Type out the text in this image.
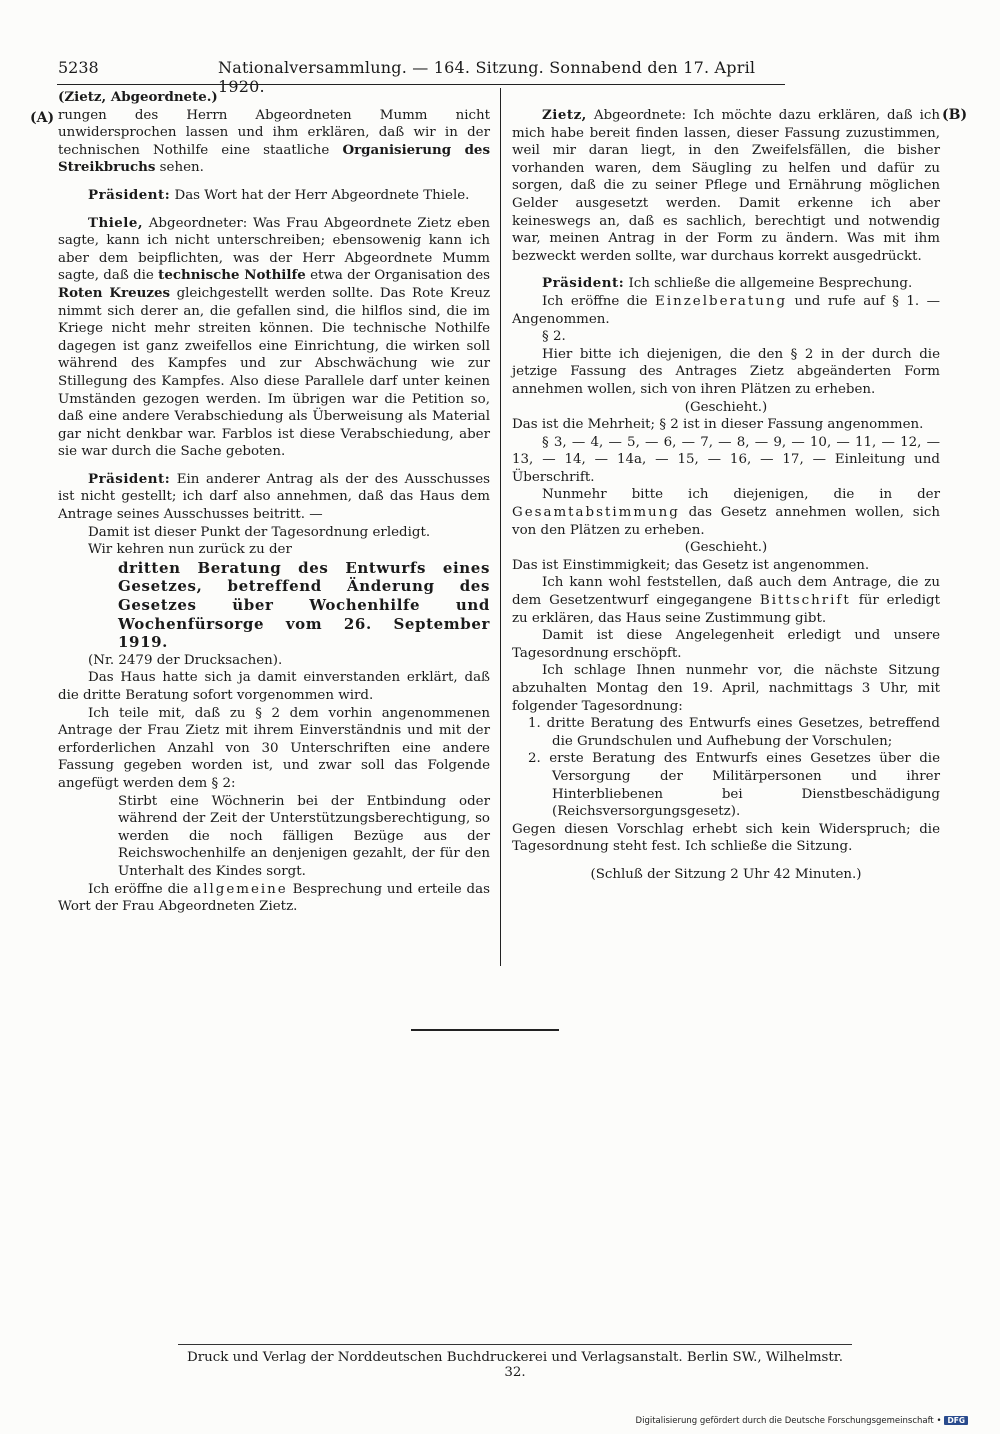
5238	Nationalversammlung. — 164. Sitzung. Sonnabend den 17. April 1920.
(A)	(B)

(Zietz, Abgeordnete.)

rungen des Herrn Abgeordneten Mumm nicht unwidersprochen lassen und ihm erklären, daß wir in der technischen Nothilfe eine staatliche Organisierung des Streikbruchs sehen.

Präsident: Das Wort hat der Herr Abgeordnete Thiele.

Thiele, Abgeordneter: Was Frau Abgeordnete Zietz eben sagte, kann ich nicht unterschreiben; ebensowenig kann ich aber dem beipflichten, was der Herr Abgeordnete Mumm sagte, daß die technische Nothilfe etwa der Organisation des Roten Kreuzes gleichgestellt werden sollte. Das Rote Kreuz nimmt sich derer an, die gefallen sind, die hilflos sind, die im Kriege nicht mehr streiten können. Die technische Nothilfe dagegen ist ganz zweifellos eine Einrichtung, die wirken soll während des Kampfes und zur Abschwächung wie zur Stillegung des Kampfes. Also diese Parallele darf unter keinen Umständen gezogen werden. Im übrigen war die Petition so, daß eine andere Verabschiedung als Überweisung als Material gar nicht denkbar war. Farblos ist diese Verabschiedung, aber sie war durch die Sache geboten.

Präsident: Ein anderer Antrag als der des Ausschusses ist nicht gestellt; ich darf also annehmen, daß das Haus dem Antrage seines Ausschusses beitritt. —

Damit ist dieser Punkt der Tagesordnung erledigt.

Wir kehren nun zurück zu der

dritten Beratung des Entwurfs eines Gesetzes, betreffend Änderung des Gesetzes über Wochenhilfe und Wochenfürsorge vom 26. September 1919.

(Nr. 2479 der Drucksachen).

Das Haus hatte sich ja damit einverstanden erklärt, daß die dritte Beratung sofort vorgenommen wird.

Ich teile mit, daß zu § 2 dem vorhin angenommenen Antrage der Frau Zietz mit ihrem Einverständnis und mit der erforderlichen Anzahl von 30 Unterschriften eine andere Fassung gegeben worden ist, und zwar soll das Folgende angefügt werden dem § 2:

Stirbt eine Wöchnerin bei der Entbindung oder während der Zeit der Unterstützungsberechtigung, so werden die noch fälligen Bezüge aus der Reichswochenhilfe an denjenigen gezahlt, der für den Unterhalt des Kindes sorgt.

Ich eröffne die allgemeine Besprechung und erteile das Wort der Frau Abgeordneten Zietz.

Zietz, Abgeordnete: Ich möchte dazu erklären, daß ich mich habe bereit finden lassen, dieser Fassung zuzustimmen, weil mir daran liegt, in den Zweifelsfällen, die bisher vorhanden waren, dem Säugling zu helfen und dafür zu sorgen, daß die zu seiner Pflege und Ernährung möglichen Gelder ausgesetzt werden. Damit erkenne ich aber keineswegs an, daß es sachlich, berechtigt und notwendig war, meinen Antrag in der Form zu ändern. Was mit ihm bezweckt werden sollte, war durchaus korrekt ausgedrückt.

Präsident: Ich schließe die allgemeine Besprechung.

Ich eröffne die Einzelberatung und rufe auf § 1. — Angenommen.

§ 2.

Hier bitte ich diejenigen, die den § 2 in der durch die jetzige Fassung des Antrages Zietz abgeänderten Form annehmen wollen, sich von ihren Plätzen zu erheben.

(Geschieht.)

Das ist die Mehrheit; § 2 ist in dieser Fassung angenommen.

§ 3, — 4, — 5, — 6, — 7, — 8, — 9, — 10, — 11, — 12, — 13, — 14, — 14a, — 15, — 16, — 17, — Einleitung und Überschrift.

Nunmehr bitte ich diejenigen, die in der Gesamtabstimmung das Gesetz annehmen wollen, sich von den Plätzen zu erheben.

(Geschieht.)

Das ist Einstimmigkeit; das Gesetz ist angenommen.

Ich kann wohl feststellen, daß auch dem Antrage, die zu dem Gesetzentwurf eingegangene Bittschrift für erledigt zu erklären, das Haus seine Zustimmung gibt.

Damit ist diese Angelegenheit erledigt und unsere Tagesordnung erschöpft.

Ich schlage Ihnen nunmehr vor, die nächste Sitzung abzuhalten Montag den 19. April, nachmittags 3 Uhr, mit folgender Tagesordnung:

1. dritte Beratung des Entwurfs eines Gesetzes, betreffend die Grundschulen und Aufhebung der Vorschulen;

2. erste Beratung des Entwurfs eines Gesetzes über die Versorgung der Militärpersonen und ihrer Hinterbliebenen bei Dienstbeschädigung (Reichsversorgungsgesetz).

Gegen diesen Vorschlag erhebt sich kein Widerspruch; die Tagesordnung steht fest. Ich schließe die Sitzung.

(Schluß der Sitzung 2 Uhr 42 Minuten.)

Druck und Verlag der Norddeutschen Buchdruckerei und Verlagsanstalt. Berlin SW., Wilhelmstr. 32.
Digitalisierung gefördert durch die Deutsche Forschungsgemeinschaft • DFG
